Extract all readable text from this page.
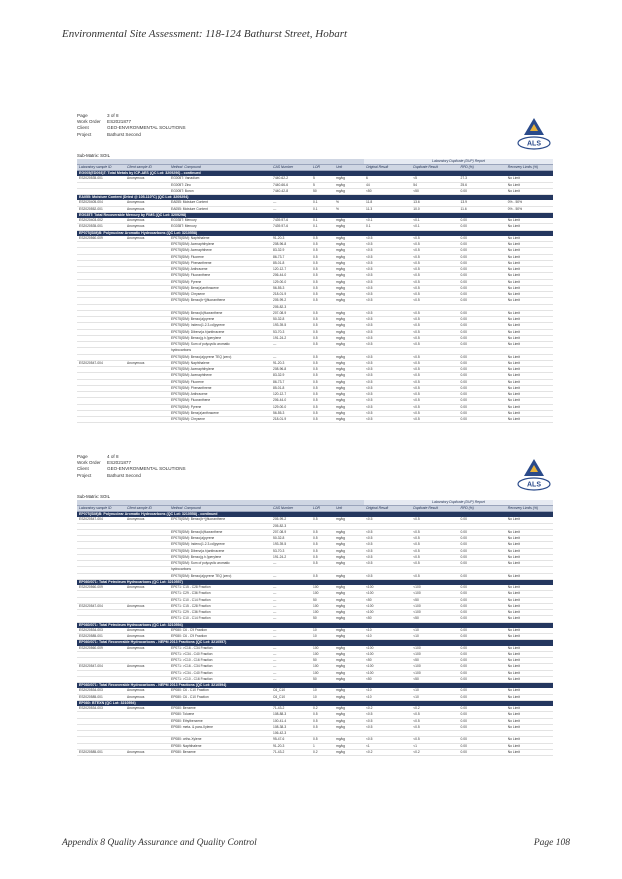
Environmental Site Assessment: 118-124 Bathurst Street, Hobart
Page	3 of 8
Work Order	ES2021877
Client	GEO-ENVIRONMENTAL SOLUTIONS
Project	Bathurst Second
ALS
Sub-Matrix: SOIL
						Laboratory Duplicate (DUP) Report			
Laboratory sample ID	Client sample ID	Method: Compound	CAS Number	LOR	Unit	Original Result	Duplicate Result	RPD (%)	Recovery Limits (%)
EG005(ED093)T: Total Metals by ICP-AES (QC Lot: 3209296) - continued									
ES2020535-001	Anonymous	EG005T: Vanadium	7440-62-2	5	mg/kg	6	<5	27.3	No Limit
		EG005T: Zinc	7440-66-6	5	mg/kg	44	54	25.6	No Limit
		EG005T: Boron	7440-42-8	50	mg/kg	<50	<50	0.00	No Limit
EA055: Moisture Content (Dried @ 105-110°C) (QC Lot: 3209294)									
ES2020405-004	Anonymous	EA055: Moisture Content	---	0.1	%	11.8	13.6	13.9	0% - 50%
ES2020552-001	Anonymous	EA055: Moisture Content	---	0.1	%	11.3	10.0	11.6	0% - 50%
EG035T: Total Recoverable Mercury by FIMS (QC Lot: 3209298)									
ES2020403-002	Anonymous	EG035T: Mercury	7439-97-6	0.1	mg/kg	<0.1	<0.1	0.00	No Limit
ES2020535-001	Anonymous	EG035T: Mercury	7439-97-6	0.1	mg/kg	0.1	<0.1	0.00	No Limit
EP075(SIM)B: Polynuclear Aromatic Hydrocarbons (QC Lot: 3210558)									
ES2020560-009	Anonymous	EP075(SIM): Naphthalene	91-20-3	0.5	mg/kg	<0.5	<0.5	0.00	No Limit
		EP075(SIM): Acenaphthylene	208-96-8	0.5	mg/kg	<0.5	<0.5	0.00	No Limit
		EP075(SIM): Acenaphthene	83-32-9	0.5	mg/kg	<0.5	<0.5	0.00	No Limit
		EP075(SIM): Fluorene	86-73-7	0.5	mg/kg	<0.5	<0.5	0.00	No Limit
		EP075(SIM): Phenanthrene	85-01-8	0.5	mg/kg	<0.5	<0.5	0.00	No Limit
		EP075(SIM): Anthracene	120-12-7	0.5	mg/kg	<0.5	<0.5	0.00	No Limit
		EP075(SIM): Fluoranthene	206-44-0	0.5	mg/kg	<0.5	<0.5	0.00	No Limit
		EP075(SIM): Pyrene	129-00-0	0.5	mg/kg	<0.5	<0.5	0.00	No Limit
		EP075(SIM): Benz(a)anthracene	56-55-3	0.5	mg/kg	<0.5	<0.5	0.00	No Limit
		EP075(SIM): Chrysene	218-01-9	0.5	mg/kg	<0.5	<0.5	0.00	No Limit
		EP075(SIM): Benzo(b+j)fluoranthene	205-99-2	0.5	mg/kg	<0.5	<0.5	0.00	No Limit
			205-82-3						
		EP075(SIM): Benzo(k)fluoranthene	207-08-9	0.5	mg/kg	<0.5	<0.5	0.00	No Limit
		EP075(SIM): Benzo(a)pyrene	50-32-8	0.5	mg/kg	<0.5	<0.5	0.00	No Limit
		EP075(SIM): Indeno(1.2.3.cd)pyrene	193-39-5	0.5	mg/kg	<0.5	<0.5	0.00	No Limit
		EP075(SIM): Dibenz(a.h)anthracene	53-70-3	0.5	mg/kg	<0.5	<0.5	0.00	No Limit
		EP075(SIM): Benzo(g.h.i)perylene	191-24-2	0.5	mg/kg	<0.5	<0.5	0.00	No Limit
		EP075(SIM): Sum of polycyclic aromatic	---	0.5	mg/kg	<0.5	<0.5	0.00	No Limit
		hydrocarbons							
		EP075(SIM): Benzo(a)pyrene TEQ (zero)	---	0.5	mg/kg	<0.5	<0.5	0.00	No Limit
ES2020547-004	Anonymous	EP075(SIM): Naphthalene	91-20-3	0.5	mg/kg	<0.5	<0.5	0.00	No Limit
		EP075(SIM): Acenaphthylene	208-96-8	0.5	mg/kg	<0.5	<0.5	0.00	No Limit
		EP075(SIM): Acenaphthene	83-32-9	0.5	mg/kg	<0.5	<0.5	0.00	No Limit
		EP075(SIM): Fluorene	86-73-7	0.5	mg/kg	<0.5	<0.5	0.00	No Limit
		EP075(SIM): Phenanthrene	85-01-8	0.5	mg/kg	<0.5	<0.5	0.00	No Limit
		EP075(SIM): Anthracene	120-12-7	0.5	mg/kg	<0.5	<0.5	0.00	No Limit
		EP075(SIM): Fluoranthene	206-44-0	0.5	mg/kg	<0.5	<0.5	0.00	No Limit
		EP075(SIM): Pyrene	129-00-0	0.5	mg/kg	<0.5	<0.5	0.00	No Limit
		EP075(SIM): Benz(a)anthracene	56-55-3	0.5	mg/kg	<0.5	<0.5	0.00	No Limit
		EP075(SIM): Chrysene	218-01-9	0.5	mg/kg	<0.5	<0.5	0.00	No Limit
Page	4 of 8
Work Order	ES2021877
Client	GEO-ENVIRONMENTAL SOLUTIONS
Project	Bathurst Second
ALS
Sub-Matrix: SOIL
						Laboratory Duplicate (DUP) Report			
Laboratory sample ID	Client sample ID	Method: Compound	CAS Number	LOR	Unit	Original Result	Duplicate Result	RPD (%)	Recovery Limits (%)
EP075(SIM)B: Polynuclear Aromatic Hydrocarbons (QC Lot: 3210558) - continued									
ES2020547-004	Anonymous	EP075(SIM): Benzo(b+j)fluoranthene	205-99-2	0.5	mg/kg	<0.5	<0.5	0.00	No Limit
			205-82-3						
		EP075(SIM): Benzo(k)fluoranthene	207-08-9	0.5	mg/kg	<0.5	<0.5	0.00	No Limit
		EP075(SIM): Benzo(a)pyrene	50-32-8	0.5	mg/kg	<0.5	<0.5	0.00	No Limit
		EP075(SIM): Indeno(1.2.3.cd)pyrene	193-39-5	0.5	mg/kg	<0.5	<0.5	0.00	No Limit
		EP075(SIM): Dibenz(a.h)anthracene	53-70-3	0.5	mg/kg	<0.5	<0.5	0.00	No Limit
		EP075(SIM): Benzo(g.h.i)perylene	191-24-2	0.5	mg/kg	<0.5	<0.5	0.00	No Limit
		EP075(SIM): Sum of polycyclic aromatic	---	0.5	mg/kg	<0.5	<0.5	0.00	No Limit
		hydrocarbons							
		EP075(SIM): Benzo(a)pyrene TEQ (zero)	---	0.5	mg/kg	<0.5	<0.5	0.00	No Limit
EP080/071: Total Petroleum Hydrocarbons (QC Lot: 3210557)									
ES2020560-009	Anonymous	EP071: C15 - C28 Fraction	---	100	mg/kg	<100	<100	0.00	No Limit
		EP071: C29 - C36 Fraction	---	100	mg/kg	<100	<100	0.00	No Limit
		EP071: C10 - C14 Fraction	---	50	mg/kg	<50	<50	0.00	No Limit
ES2020547-004	Anonymous	EP071: C15 - C28 Fraction	---	100	mg/kg	<100	<100	0.00	No Limit
		EP071: C29 - C36 Fraction	---	100	mg/kg	<100	<100	0.00	No Limit
		EP071: C10 - C14 Fraction	---	50	mg/kg	<50	<50	0.00	No Limit
EP080/071: Total Petroleum Hydrocarbons (QC Lot: 3210594)									
ES2020534-003	Anonymous	EP080: C6 - C9 Fraction	---	10	mg/kg	<10	<10	0.00	No Limit
ES2020585-001	Anonymous	EP080: C6 - C9 Fraction	---	10	mg/kg	<10	<10	0.00	No Limit
EP080/071: Total Recoverable Hydrocarbons - NEPM 2013 Fractions (QC Lot: 3210557)									
ES2020560-009	Anonymous	EP071: >C16 - C34 Fraction	---	100	mg/kg	<100	<100	0.00	No Limit
		EP071: >C34 - C40 Fraction	---	100	mg/kg	<100	<100	0.00	No Limit
		EP071: >C10 - C16 Fraction	---	50	mg/kg	<50	<50	0.00	No Limit
ES2020547-004	Anonymous	EP071: >C16 - C34 Fraction	---	100	mg/kg	<100	<100	0.00	No Limit
		EP071: >C34 - C40 Fraction	---	100	mg/kg	<100	<100	0.00	No Limit
		EP071: >C10 - C16 Fraction	---	50	mg/kg	<50	<50	0.00	No Limit
EP080/071: Total Recoverable Hydrocarbons - NEPM 2013 Fractions (QC Lot: 3210594)									
ES2020534-003	Anonymous	EP080: C6 - C10 Fraction	C6_C10	10	mg/kg	<10	<10	0.00	No Limit
ES2020585-001	Anonymous	EP080: C6 - C10 Fraction	C6_C10	10	mg/kg	<10	<10	0.00	No Limit
EP080: BTEXN (QC Lot: 3210594)									
ES2020534-003	Anonymous	EP080: Benzene	71-43-2	0.2	mg/kg	<0.2	<0.2	0.00	No Limit
		EP080: Toluene	108-88-3	0.5	mg/kg	<0.5	<0.5	0.00	No Limit
		EP080: Ethylbenzene	100-41-4	0.5	mg/kg	<0.5	<0.5	0.00	No Limit
		EP080: meta- & para-Xylene	108-38-3	0.5	mg/kg	<0.5	<0.5	0.00	No Limit
			106-42-3						
		EP080: ortho-Xylene	95-47-6	0.5	mg/kg	<0.5	<0.5	0.00	No Limit
		EP080: Naphthalene	91-20-3	1	mg/kg	<1	<1	0.00	No Limit
ES2020585-001	Anonymous	EP080: Benzene	71-43-2	0.2	mg/kg	<0.2	<0.2	0.00	No Limit
Appendix 8 Quality Assurance and Quality Control	Page 108
